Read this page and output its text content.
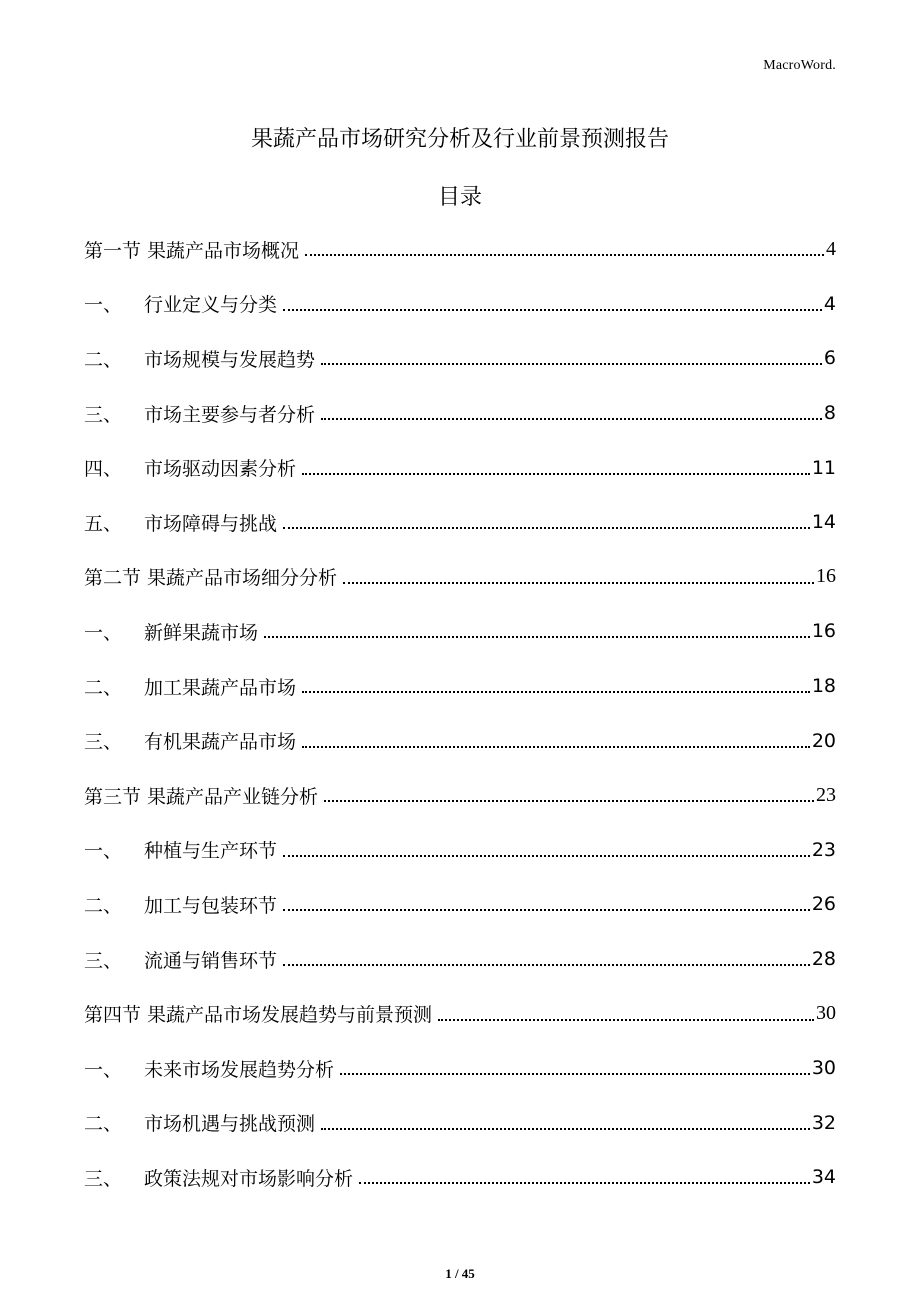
MacroWord.
果蔬产品市场研究分析及行业前景预测报告
目录
第一节 果蔬产品市场概况	4
一、	行业定义与分类	4
二、	市场规模与发展趋势	6
三、	市场主要参与者分析	8
四、	市场驱动因素分析	11
五、	市场障碍与挑战	14
第二节 果蔬产品市场细分分析	16
一、	新鲜果蔬市场	16
二、	加工果蔬产品市场	18
三、	有机果蔬产品市场	20
第三节 果蔬产品产业链分析	23
一、	种植与生产环节	23
二、	加工与包装环节	26
三、	流通与销售环节	28
第四节 果蔬产品市场发展趋势与前景预测	30
一、	未来市场发展趋势分析	30
二、	市场机遇与挑战预测	32
三、	政策法规对市场影响分析	34
1 / 45
